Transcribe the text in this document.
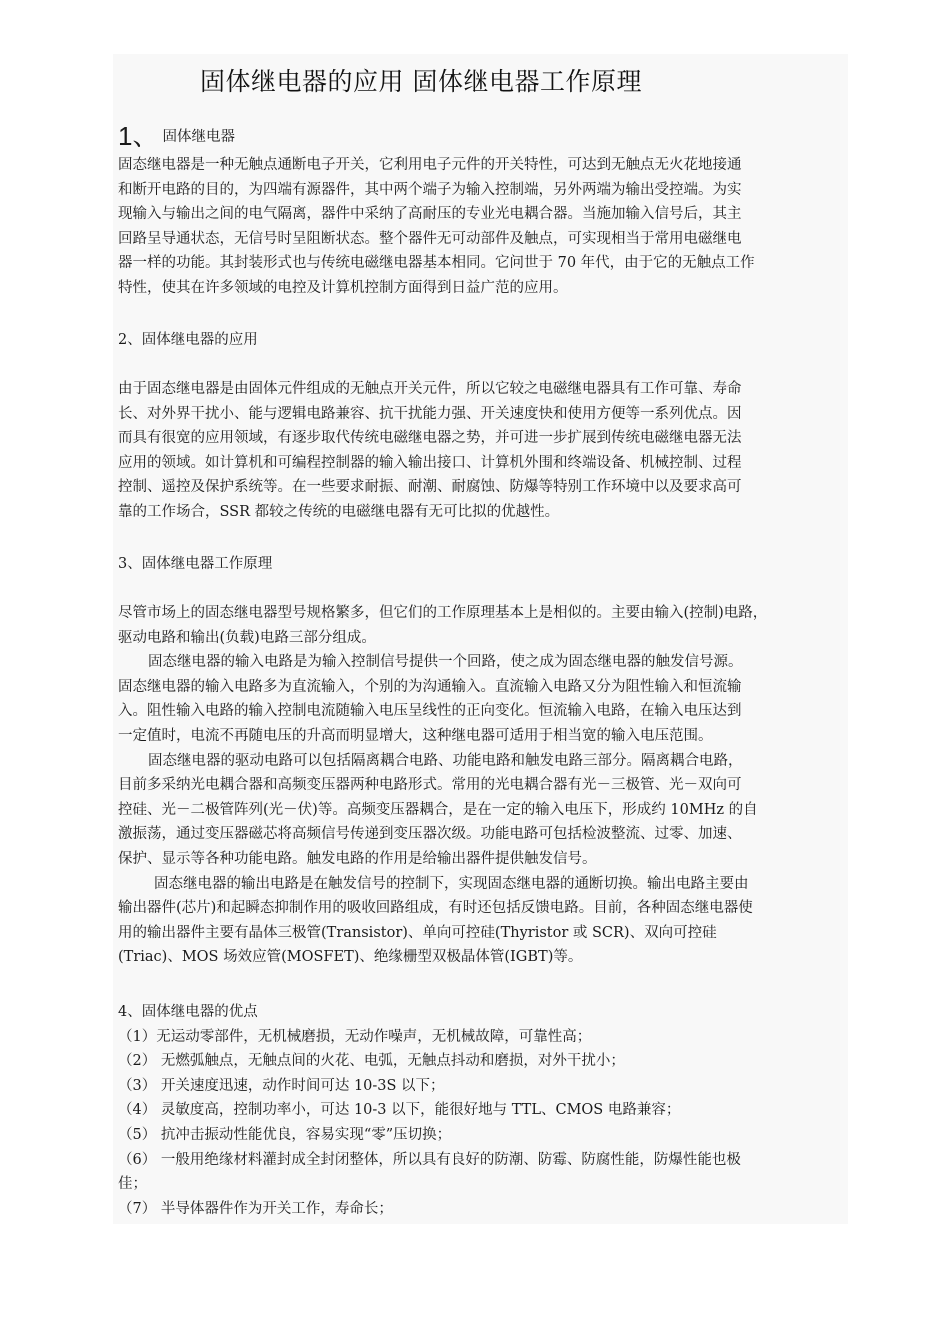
固体继电器的应用 固体继电器工作原理
1、 固体继电器
固态继电器是一种无触点通断电子开关，它利用电子元件的开关特性，可达到无触点无火花地接通
和断开电路的目的，为四端有源器件，其中两个端子为输入控制端，另外两端为输出受控端。为实
现输入与输出之间的电气隔离，器件中采纳了高耐压的专业光电耦合器。当施加输入信号后，其主
回路呈导通状态，无信号时呈阻断状态。整个器件无可动部件及触点，可实现相当于常用电磁继电
器一样的功能。其封装形式也与传统电磁继电器基本相同。它问世于 70 年代，由于它的无触点工作
特性，使其在许多领域的电控及计算机控制方面得到日益广范的应用。
2、固体继电器的应用
由于固态继电器是由固体元件组成的无触点开关元件，所以它较之电磁继电器具有工作可靠、寿命
长、对外界干扰小、能与逻辑电路兼容、抗干扰能力强、开关速度快和使用方便等一系列优点。因
而具有很宽的应用领域，有逐步取代传统电磁继电器之势，并可进一步扩展到传统电磁继电器无法
应用的领域。如计算机和可编程控制器的输入输出接口、计算机外围和终端设备、机械控制、过程
控制、遥控及保护系统等。在一些要求耐振、耐潮、耐腐蚀、防爆等特别工作环境中以及要求高可
靠的工作场合，SSR 都较之传统的电磁继电器有无可比拟的优越性。
3、固体继电器工作原理
尽管市场上的固态继电器型号规格繁多，但它们的工作原理基本上是相似的。主要由输入(控制)电路，
驱动电路和输出(负载)电路三部分组成。
固态继电器的输入电路是为输入控制信号提供一个回路，使之成为固态继电器的触发信号源。
固态继电器的输入电路多为直流输入，个别的为沟通输入。直流输入电路又分为阻性输入和恒流输
入。阻性输入电路的输入控制电流随输入电压呈线性的正向变化。恒流输入电路，在输入电压达到
一定值时，电流不再随电压的升高而明显增大，这种继电器可适用于相当宽的输入电压范围。
固态继电器的驱动电路可以包括隔离耦合电路、功能电路和触发电路三部分。隔离耦合电路，
目前多采纳光电耦合器和高频变压器两种电路形式。常用的光电耦合器有光－三极管、光－双向可
控硅、光－二极管阵列(光－伏)等。高频变压器耦合，是在一定的输入电压下，形成约 10MHz 的自
激振荡，通过变压器磁芯将高频信号传递到变压器次级。功能电路可包括检波整流、过零、加速、
保护、显示等各种功能电路。触发电路的作用是给输出器件提供触发信号。
固态继电器的输出电路是在触发信号的控制下，实现固态继电器的通断切换。输出电路主要由
输出器件(芯片)和起瞬态抑制作用的吸收回路组成，有时还包括反馈电路。目前，各种固态继电器使
用的输出器件主要有晶体三极管(Transistor)、单向可控硅(Thyristor 或 SCR)、双向可控硅
(Triac)、MOS 场效应管(MOSFET)、绝缘栅型双极晶体管(IGBT)等。
4、固体继电器的优点
（1）无运动零部件，无机械磨损，无动作噪声，无机械故障，可靠性高；
（2） 无燃弧触点，无触点间的火花、电弧，无触点抖动和磨损，对外干扰小；
（3） 开关速度迅速，动作时间可达 10-3S 以下；
（4） 灵敏度高，控制功率小，可达 10-3 以下，能很好地与 TTL、CMOS 电路兼容；
（5） 抗冲击振动性能优良，容易实现“零”压切换；
（6） 一般用绝缘材料灌封成全封闭整体，所以具有良好的防潮、防霉、防腐性能，防爆性能也极
佳；
（7） 半导体器件作为开关工作，寿命长；
